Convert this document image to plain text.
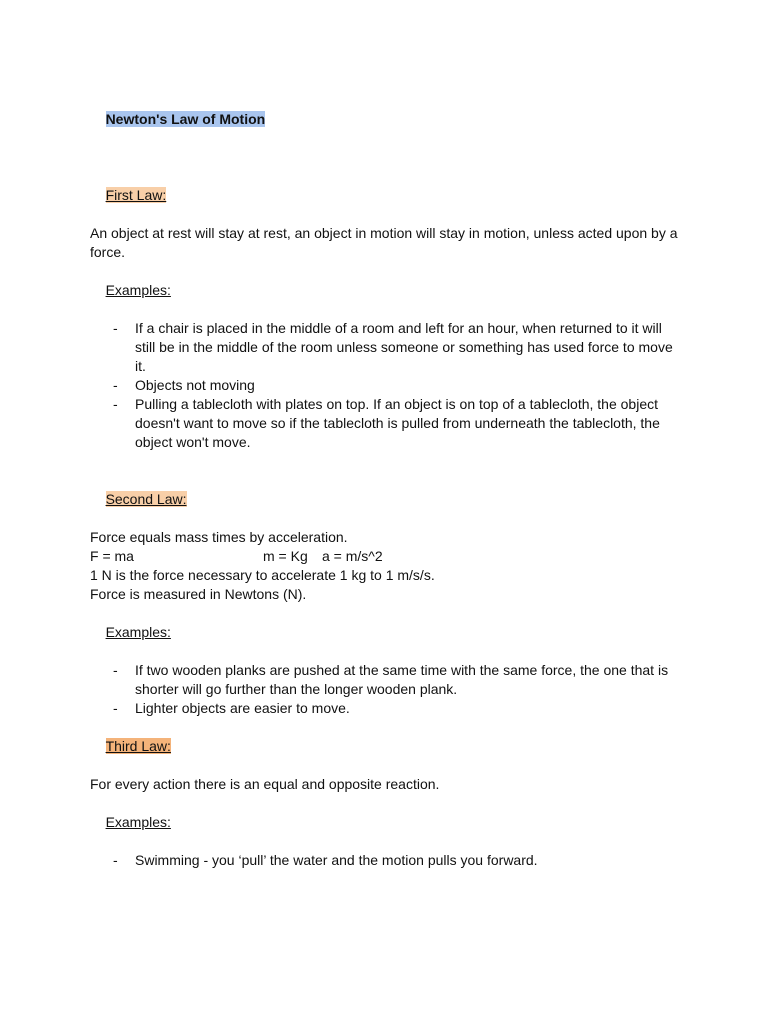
Newton's Law of Motion

First Law:

An object at rest will stay at rest, an object in motion will stay in motion, unless acted upon by a force.

Examples:

- If a chair is placed in the middle of a room and left for an hour, when returned to it will still be in the middle of the room unless someone or something has used force to move it.
- Objects not moving
- Pulling a tablecloth with plates on top. If an object is on top of a tablecloth, the object doesn't want to move so if the tablecloth is pulled from underneath the tablecloth, the object won't move.

Second Law:

Force equals mass times by acceleration.
F = ma	m = Kg a = m/s^2
1 N is the force necessary to accelerate 1 kg to 1 m/s/s.
Force is measured in Newtons (N).

Examples:

- If two wooden planks are pushed at the same time with the same force, the one that is shorter will go further than the longer wooden plank.
- Lighter objects are easier to move.

Third Law:

For every action there is an equal and opposite reaction.

Examples:

- Swimming - you ‘pull’ the water and the motion pulls you forward.
